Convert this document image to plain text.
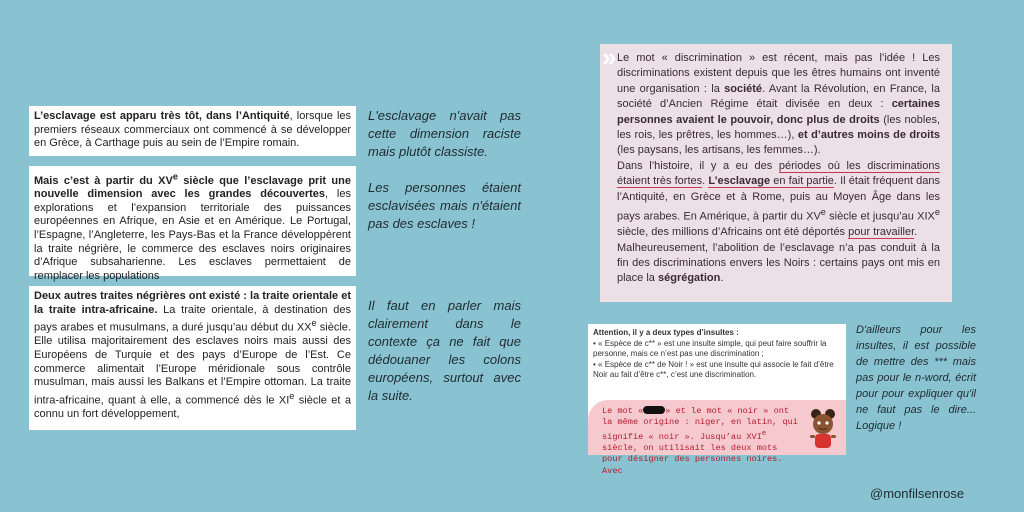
L’esclavage est apparu très tôt, dans l’Antiquité, lorsque les premiers réseaux commerciaux ont commencé à se développer en Grèce, à Carthage puis au sein de l’Empire romain.

Mais c’est à partir du XVe siècle que l’esclavage prit une nouvelle dimension avec les grandes découvertes, les explorations et l’expansion territoriale des puissances européennes en Afrique, en Asie et en Amérique. Le Portugal, l’Espagne, l’Angleterre, les Pays-Bas et la France développèrent la traite négrière, le commerce des esclaves noirs originaires d’Afrique subsaharienne. Les esclaves permettaient de remplacer les populations

Deux autres traites négrières ont existé : la traite orientale et la traite intra-africaine. La traite orientale, à destination des pays arabes et musulmans, a duré jusqu’au début du XXe siècle. Elle utilisa majoritairement des esclaves noirs mais aussi des Européens de Turquie et des pays d’Europe de l’Est. Ce commerce alimentait l’Europe méridionale sous contrôle musulman, mais aussi les Balkans et l’Empire ottoman. La traite intra-africaine, quant à elle, a commencé dès le XIe siècle et a connu un fort développement,

L'esclavage n'avait pas cette dimension raciste mais plutôt classiste.

Les personnes étaient esclavisées mais n'étaient pas des esclaves !

Il faut en parler mais clairement dans le contexte ça ne fait que dédouaner les colons européens, surtout avec la suite.

» Le mot « discrimination » est récent, mais pas l’idée ! Les discriminations existent depuis que les êtres humains ont inventé une organisation : la société. Avant la Révolution, en France, la société d’Ancien Régime était divisée en deux : certaines personnes avaient le pouvoir, donc plus de droits (les nobles, les rois, les prêtres, les hommes…), et d’autres moins de droits (les paysans, les artisans, les femmes…).
Dans l’histoire, il y a eu des périodes où les discriminations étaient très fortes. L’esclavage en fait partie. Il était fréquent dans l’Antiquité, en Grèce et à Rome, puis au Moyen Âge dans les pays arabes. En Amérique, à partir du XVe siècle et jusqu’au XIXe siècle, des millions d’Africains ont été déportés pour travailler.
Malheureusement, l’abolition de l’esclavage n’a pas conduit à la fin des discriminations envers les Noirs : certains pays ont mis en place la ségrégation.

Attention, il y a deux types d’insultes :
• « Espèce de c** » est une insulte simple, qui peut faire souffrir la personne, mais ce n’est pas une discrimination ;
• « Espèce de c** de Noir ! » est une insulte qui associe le fait d’être Noir au fait d’être c**, c’est une discrimination.
Le mot «	» et le mot « noir » ont la même origine : niger, en latin, qui signifie « noir ». Jusqu’au XVIe siècle, on utilisait les deux mots pour désigner des personnes noires. Avec

D'ailleurs pour les insultes, il est possible de mettre des *** mais pas pour le n-word, écrit pour pour expliquer qu'il ne faut pas le dire... Logique !

@monfilsenrose
